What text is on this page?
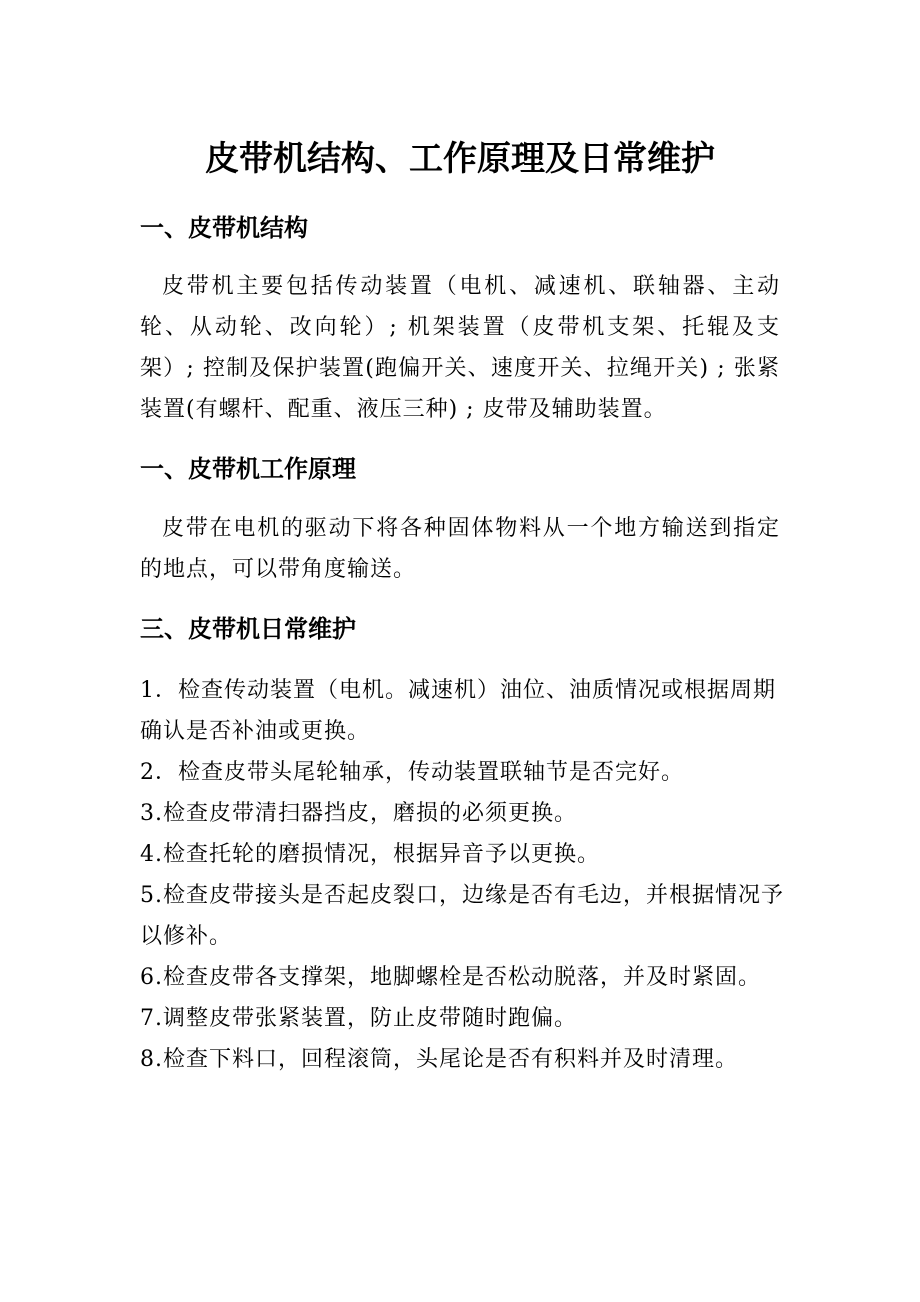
皮带机结构、工作原理及日常维护
一、皮带机结构

皮带机主要包括传动装置（电机、减速机、联轴器、主动轮、从动轮、改向轮）; 机架装置（皮带机支架、托辊及支架）; 控制及保护装置(跑偏开关、速度开关、拉绳开关) ; 张紧装置(有螺杆、配重、液压三种) ; 皮带及辅助装置。

一、皮带机工作原理

皮带在电机的驱动下将各种固体物料从一个地方输送到指定的地点，可以带角度输送。

三、皮带机日常维护
1．检查传动装置（电机。减速机）油位、油质情况或根据周期确认是否补油或更换。
2．检查皮带头尾轮轴承，传动装置联轴节是否完好。
3.检查皮带清扫器挡皮，磨损的必须更换。
4.检查托轮的磨损情况，根据异音予以更换。
5.检查皮带接头是否起皮裂口，边缘是否有毛边，并根据情况予以修补。
6.检查皮带各支撑架，地脚螺栓是否松动脱落，并及时紧固。
7.调整皮带张紧装置，防止皮带随时跑偏。
8.检查下料口，回程滚筒，头尾论是否有积料并及时清理。
